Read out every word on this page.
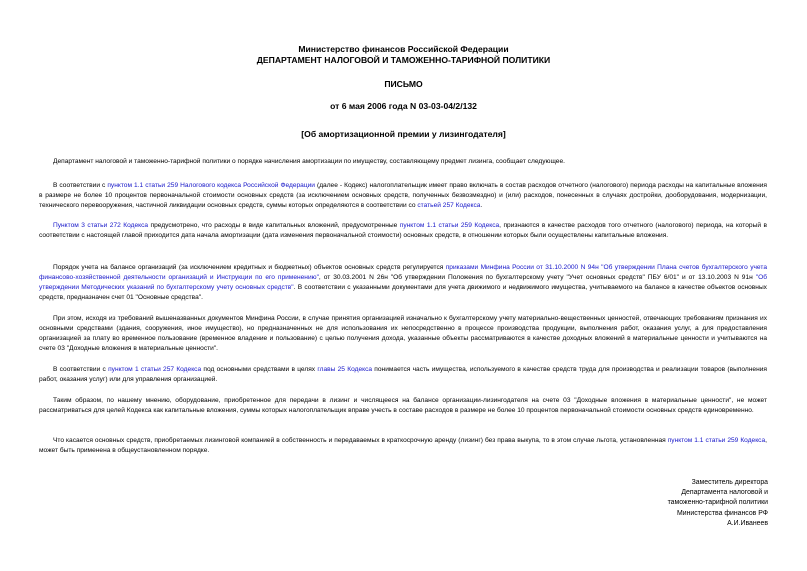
Министерство финансов Российской Федерации
ДЕПАРТАМЕНТ НАЛОГОВОЙ И ТАМОЖЕННО-ТАРИФНОЙ ПОЛИТИКИ
ПИСЬМО
от 6 мая 2006 года N 03-03-04/2/132
[Об амортизационной премии у лизингодателя]

Департамент налоговой и таможенно-тарифной политики о порядке начисления амортизации по имуществу, составляющему предмет лизинга, сообщает следующее.

В соответствии с пунктом 1.1 статьи 259 Налогового кодекса Российской Федерации (далее - Кодекс) налогоплательщик имеет право включать в состав расходов отчетного (налогового) периода расходы на капитальные вложения в размере не более 10 процентов первоначальной стоимости основных средств (за исключением основных средств, полученных безвозмездно) и (или) расходов, понесенных в случаях достройки, дооборудования, модернизации, технического перевооружения, частичной ликвидации основных средств, суммы которых определяются в соответствии со статьей 257 Кодекса.

Пунктом 3 статьи 272 Кодекса предусмотрено, что расходы в виде капитальных вложений, предусмотренные пунктом 1.1 статьи 259 Кодекса, признаются в качестве расходов того отчетного (налогового) периода, на который в соответствии с настоящей главой приходится дата начала амортизации (дата изменения первоначальной стоимости) основных средств, в отношении которых были осуществлены капитальные вложения.

Порядок учета на балансе организаций (за исключением кредитных и бюджетных) объектов основных средств регулируется приказами Минфина России от 31.10.2000 N 94н "Об утверждении Плана счетов бухгалтерского учета финансово-хозяйственной деятельности организаций и Инструкции по его применению", от 30.03.2001 N 26н "Об утверждении Положения по бухгалтерскому учету "Учет основных средств" ПБУ 6/01" и от 13.10.2003 N 91н "Об утверждении Методических указаний по бухгалтерскому учету основных средств". В соответствии с указанными документами для учета движимого и недвижимого имущества, учитываемого на балансе в качестве объектов основных средств, предназначен счет 01 "Основные средства".

При этом, исходя из требований вышеназванных документов Минфина России, в случае принятия организацией изначально к бухгалтерскому учету материально-вещественных ценностей, отвечающих требованиям признания их основными средствами (здания, сооружения, иное имущество), но предназначенных не для использования их непосредственно в процессе производства продукции, выполнения работ, оказания услуг, а для предоставления организацией за плату во временное пользование (временное владение и пользование) с целью получения дохода, указанные объекты рассматриваются в качестве доходных вложений в материальные ценности и учитываются на счете 03 "Доходные вложения в материальные ценности".

В соответствии с пунктом 1 статьи 257 Кодекса под основными средствами в целях главы 25 Кодекса понимается часть имущества, используемого в качестве средств труда для производства и реализации товаров (выполнения работ, оказания услуг) или для управления организацией.

Таким образом, по нашему мнению, оборудование, приобретенное для передачи в лизинг и числящееся на балансе организации-лизингодателя на счете 03 "Доходные вложения в материальные ценности", не может рассматриваться для целей Кодекса как капитальные вложения, суммы которых налогоплательщик вправе учесть в составе расходов в размере не более 10 процентов первоначальной стоимости основных средств единовременно.

Что касается основных средств, приобретаемых лизинговой компанией в собственность и передаваемых в краткосрочную аренду (лизинг) без права выкупа, то в этом случае льгота, установленная пунктом 1.1 статьи 259 Кодекса, может быть применена в общеустановленном порядке.

Заместитель директора
Департамента налоговой и
таможенно-тарифной политики
Министерства финансов РФ
А.И.Иванеев
